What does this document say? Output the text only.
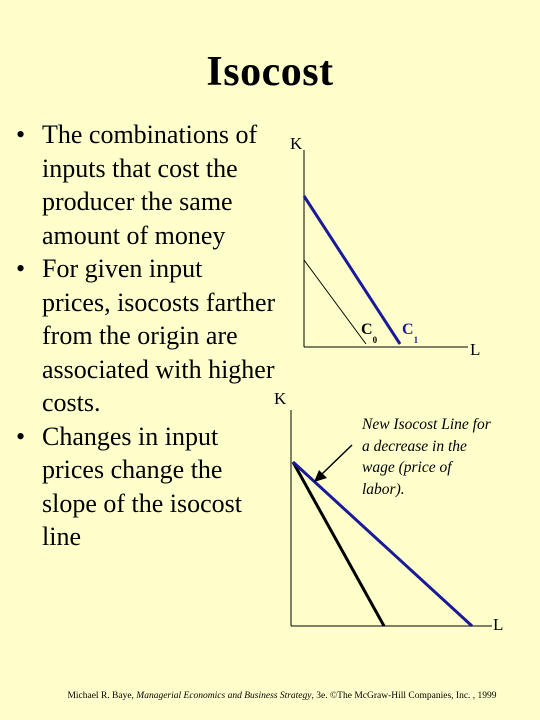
Isocost
• The combinations of inputs that cost the producer the same amount of money
• For given input prices, isocosts farther from the origin are associated with higher costs.
• Changes in input prices change the slope of the isocost line
K
L
$C_0$
$C_1$
K
L
New Isocost Line for a decrease in the wage (price of labor).
Michael R. Baye, Managerial Economics and Business Strategy, 3e. ©The McGraw-Hill Companies, Inc. , 1999
